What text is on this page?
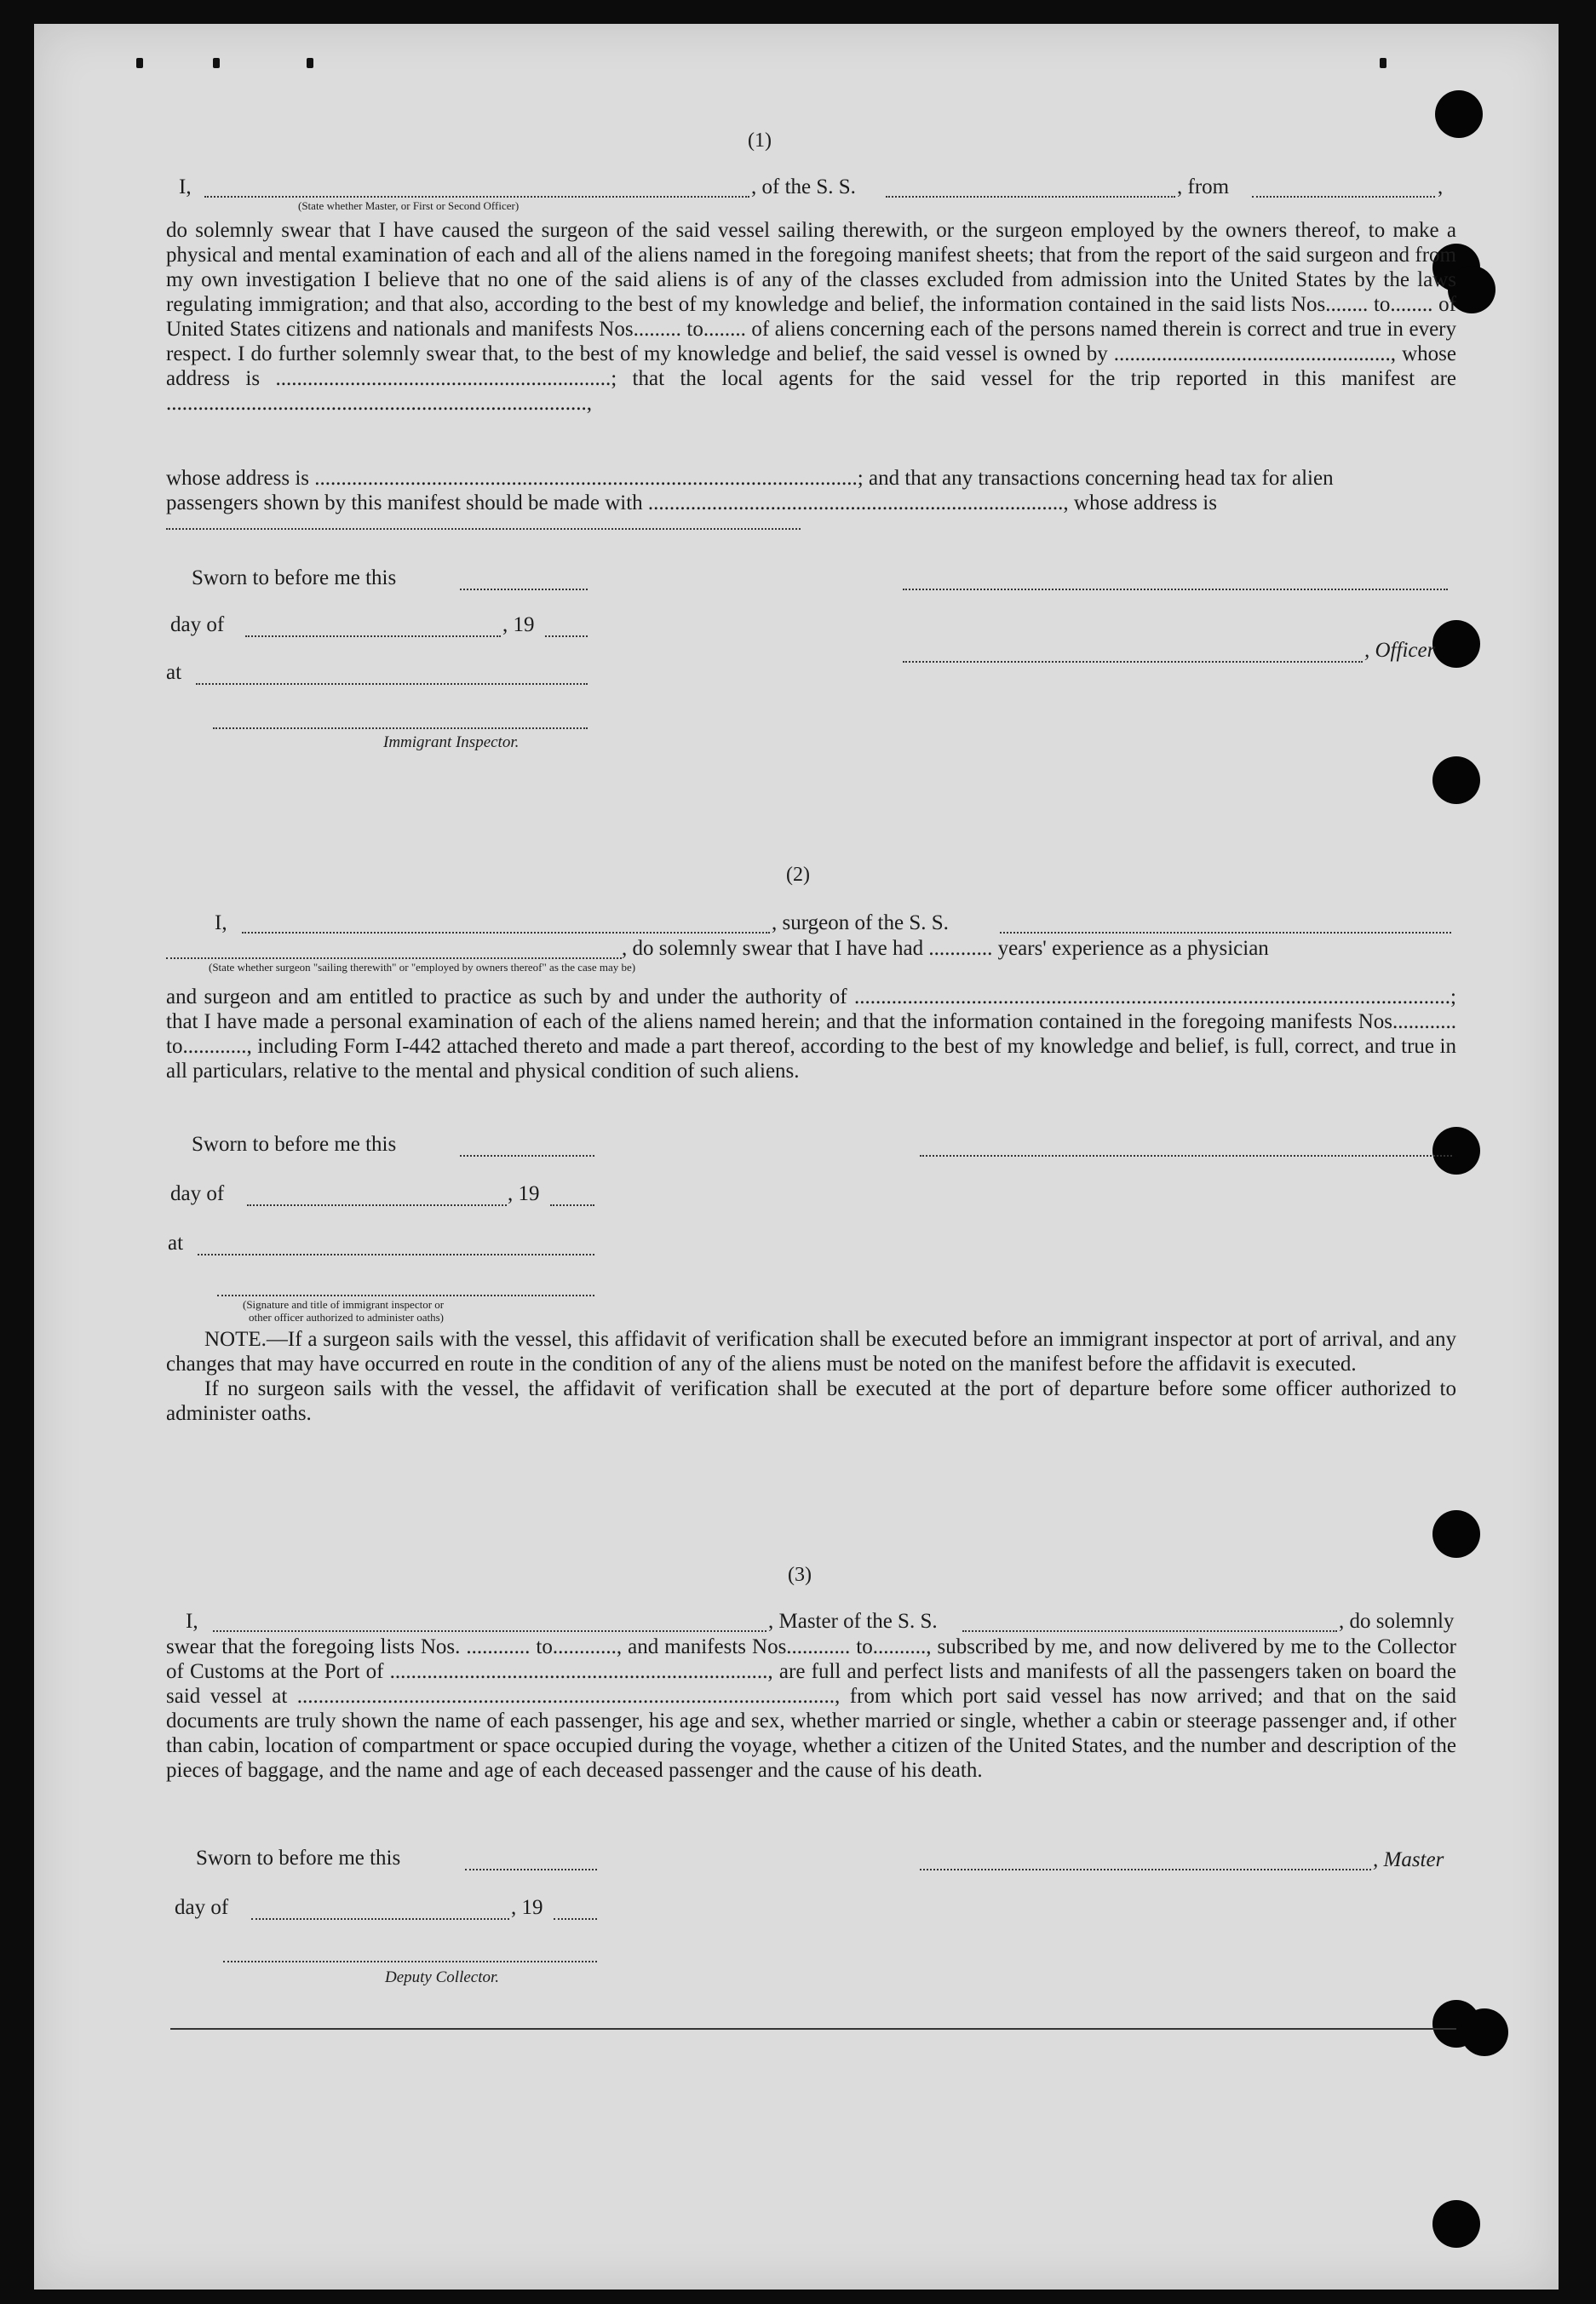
(1)
I,	, of the S. S.	, from	,
(State whether Master, or First or Second Officer)

do solemnly swear that I have caused the surgeon of the said vessel sailing therewith, or the surgeon employed by the owners thereof, to make a physical and mental examination of each and all of the aliens named in the foregoing manifest sheets; that from the report of the said surgeon and from my own investigation I believe that no one of the said aliens is of any of the classes excluded from admission into the United States by the laws regulating immigration; and that also, according to the best of my knowledge and belief, the information contained in the said lists Nos........ to........ of United States citizens and nationals and manifests Nos......... to........ of aliens concerning each of the persons named therein is correct and true in every respect. I do further solemnly swear that, to the best of my knowledge and belief, the said vessel is owned by ...................................................., whose address is ...............................................................; that the local agents for the said vessel for the trip reported in this manifest are ...............................................................................,

whose address is ......................................................................................................; and that any transactions concerning head tax for alien
passengers shown by this manifest should be made with .............................................................................., whose address is
Sworn to before me this
day of	, 19
, Officer
at
Immigrant Inspector.
(2)
I,	, surgeon of the S. S.
, do solemnly swear that I have had ............ years' experience as a physician
(State whether surgeon "sailing therewith" or "employed by owners thereof" as the case may be)

and surgeon and am entitled to practice as such by and under the authority of ................................................................................................................; that I have made a personal examination of each of the aliens named herein; and that the information contained in the foregoing manifests Nos............ to............, including Form I-442 attached thereto and made a part thereof, according to the best of my knowledge and belief, is full, correct, and true in all particulars, relative to the mental and physical condition of such aliens.

Sworn to before me this
day of	, 19
at
(Signature and title of immigrant inspector or
other officer authorized to administer oaths)

NOTE.—If a surgeon sails with the vessel, this affidavit of verification shall be executed before an immigrant inspector at port of arrival, and any changes that may have occurred en route in the condition of any of the aliens must be noted on the manifest before the affidavit is executed.

If no surgeon sails with the vessel, the affidavit of verification shall be executed at the port of departure before some officer authorized to administer oaths.

(3)
I,	, Master of the S. S.	, do solemnly

swear that the foregoing lists Nos. ............ to............, and manifests Nos............ to.........., subscribed by me, and now delivered by me to the Collector of Customs at the Port of ......................................................................., are full and perfect lists and manifests of all the passengers taken on board the said vessel at ....................................................................................................., from which port said vessel has now arrived; and that on the said documents are truly shown the name of each passenger, his age and sex, whether married or single, whether a cabin or steerage passenger and, if other than cabin, location of compartment or space occupied during the voyage, whether a citizen of the United States, and the number and description of the pieces of baggage, and the name and age of each deceased passenger and the cause of his death.

Sworn to before me this	, Master
day of	, 19
Deputy Collector.
